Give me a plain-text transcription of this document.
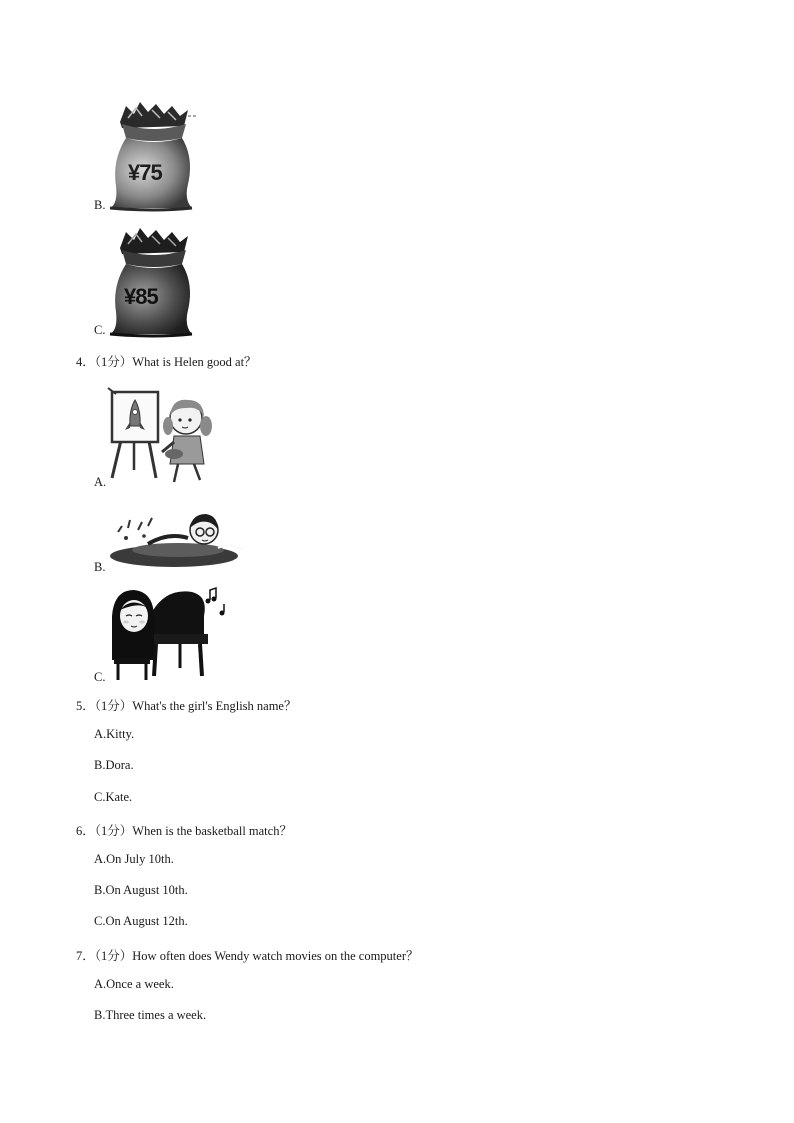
B.
¥75
C.
¥85
4．（1分）What is Helen good at？
A.
B.
C.
5．（1分）What's the girl's English name？
A.Kitty.
B.Dora.
C.Kate.
6．（1分）When is the basketball match？
A.On July 10th.
B.On August 10th.
C.On August 12th.
7．（1分）How often does Wendy watch movies on the computer？
A.Once a week.
B.Three times a week.
